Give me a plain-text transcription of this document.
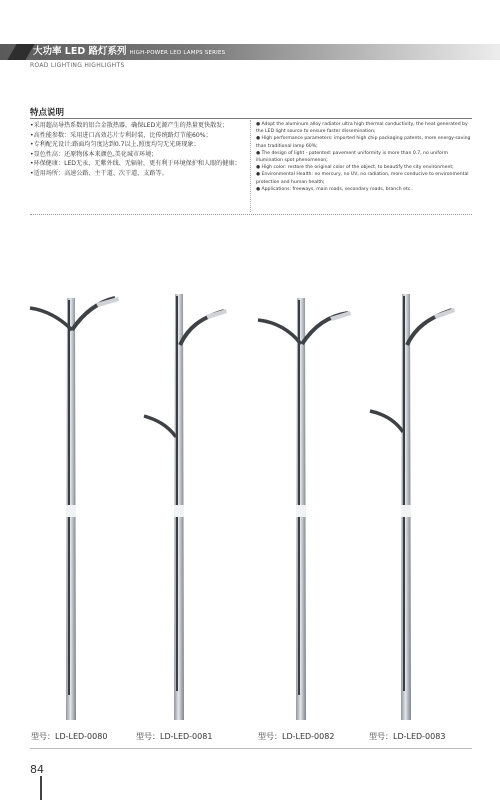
大功率 LED 路灯系列 HIGH-POWER LED LAMPS SERIES
ROAD LIGHTING HIGHLIGHTS
特点说明
•采用超高导热系数的铝合金散热器，确保LED光源产生的热量更快散发；
•高性能参数：采用进口高效芯片专利封装，比传统路灯节能60%；
•专利配光设计:路面均匀度达到0.7以上,照度均匀无光斑现象；
•显色性高：还原物体本来颜色,美化城市环境；
•环保健康：LED无汞、无紫外线、无辐射，更有利于环境保护和人眼的健康；
•适用场所：高速公路、主干道、次干道、支路等。
● Adopt the aluminum alloy radiator ultra high thermal conductivity, the heat generated by the LED light source to ensure faster dissemination;
● High performance parameters: imported high chip packaging patents, more energy-saving than traditional lamp 60%;
● The design of light - patented: pavement uniformity is more than 0.7, no uniform illumination spot phenomenon;
● High color: restore the original color of the object, to beautify the city environment;
● Environmental Health: no mercury, no UV, no radiation, more conducive to environmental protection and human health;
● Applications: freeways, main roads, secondary roads, branch etc..
型号：LD-LED-0080	型号：LD-LED-0081	型号：LD-LED-0082	型号：LD-LED-0083
84
